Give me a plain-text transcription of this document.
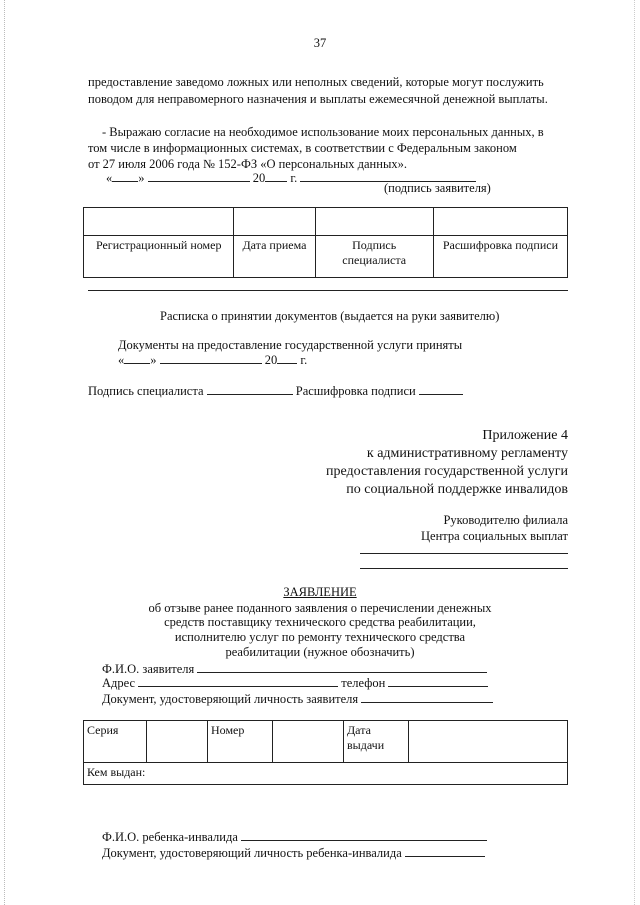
37
предоставление заведомо ложных или неполных сведений, которые могут послужить
поводом для неправомерного назначения и выплаты ежемесячной денежной выплаты.
- Выражаю согласие на необходимое использование моих персональных данных, в
том числе в информационных системах, в соответствии с Федеральным законом
от 27 июля 2006 года № 152-ФЗ «О персональных данных».
« »	20 г.
(подпись заявителя)

Регистрационный номер	Дата приема	Подпись специалиста	Расшифровка подписи
Расписка о принятии документов (выдается на руки заявителю)
Документы на предоставление государственной услуги приняты
« »	20 г.
Подпись специалиста	Расшифровка подписи
Приложение 4
к административному регламенту
предоставления государственной услуги
по социальной поддержке инвалидов
Руководителю филиала
Центра социальных выплат
ЗАЯВЛЕНИЕ
об отзыве ранее поданного заявления о перечислении денежных
средств поставщику технического средства реабилитации,
исполнителю услуг по ремонту технического средства
реабилитации (нужное обозначить)
Ф.И.О. заявителя
Адрес	телефон
Документ, удостоверяющий личность заявителя
Серия		Номер		Дата выдачи	
Кем выдан:
Ф.И.О. ребенка-инвалида
Документ, удостоверяющий личность ребенка-инвалида
